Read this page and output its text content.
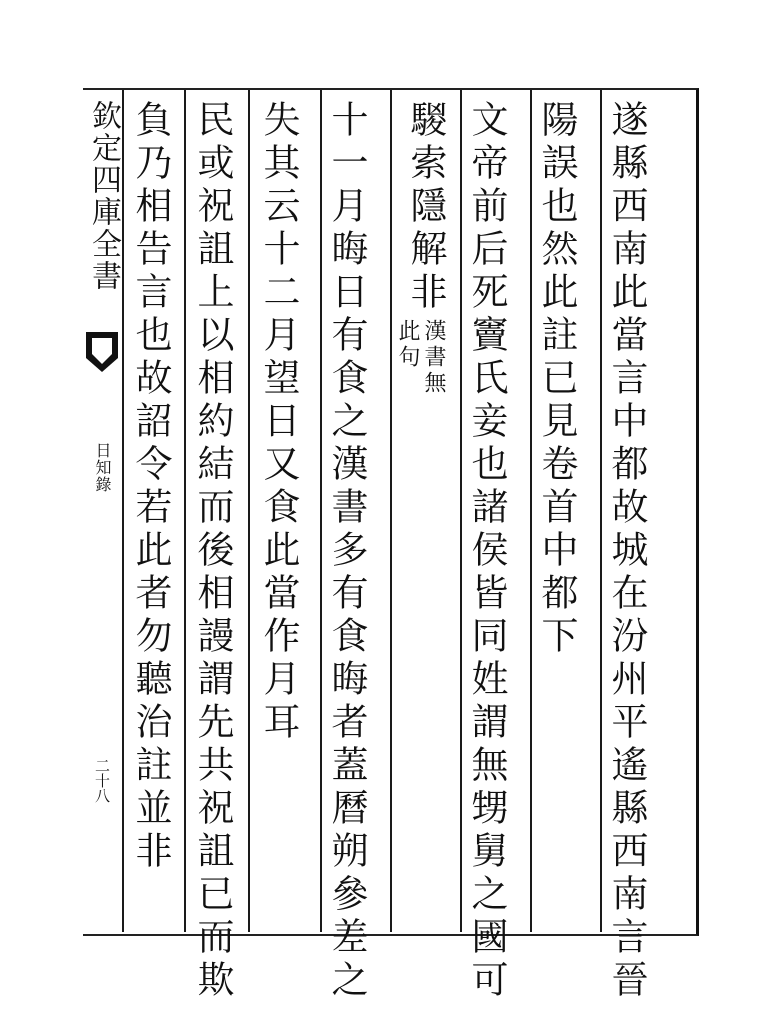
欽定四庫全書
日知錄
二十八	遂縣西南此當言中都故城在汾州平遙縣西南言晉
陽誤也然此註已見卷首中都下
文帝前后死竇氏妾也諸侯皆同姓謂無甥舅之國可
騣索隱解非
漢書無
此句
十一月晦日有食之漢書多有食晦者蓋曆朔參差之
失其云十二月望日又食此當作月耳
民或祝詛上以相約結而後相謾謂先共祝詛已而欺
負乃相告言也故詔令若此者勿聽治註並非
